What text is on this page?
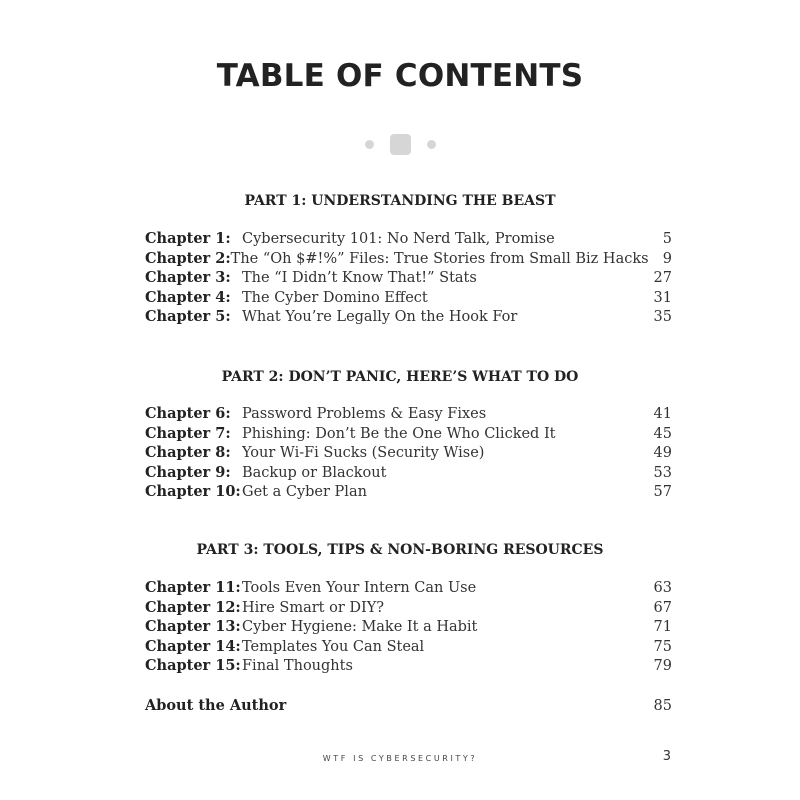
TABLE OF CONTENTS
PART 1: UNDERSTANDING THE BEAST
Chapter 1: Cybersecurity 101: No Nerd Talk, Promise	5
Chapter 2: The “Oh $#!%” Files: True Stories from Small Biz Hacks 9
Chapter 3: The “I Didn’t Know That!” Stats	27
Chapter 4: The Cyber Domino Effect	31
Chapter 5: What You’re Legally On the Hook For	35
PART 2: DON’T PANIC, HERE’S WHAT TO DO
Chapter 6: Password Problems & Easy Fixes	41
Chapter 7: Phishing: Don’t Be the One Who Clicked It	45
Chapter 8: Your Wi-Fi Sucks (Security Wise)	49
Chapter 9: Backup or Blackout	53
Chapter 10: Get a Cyber Plan	57
PART 3: TOOLS, TIPS & NON-BORING RESOURCES
Chapter 11: Tools Even Your Intern Can Use	63
Chapter 12: Hire Smart or DIY?	67
Chapter 13: Cyber Hygiene: Make It a Habit	71
Chapter 14: Templates You Can Steal	75
Chapter 15: Final Thoughts	79
About the Author	85
WTF IS CYBERSECURITY?	3
